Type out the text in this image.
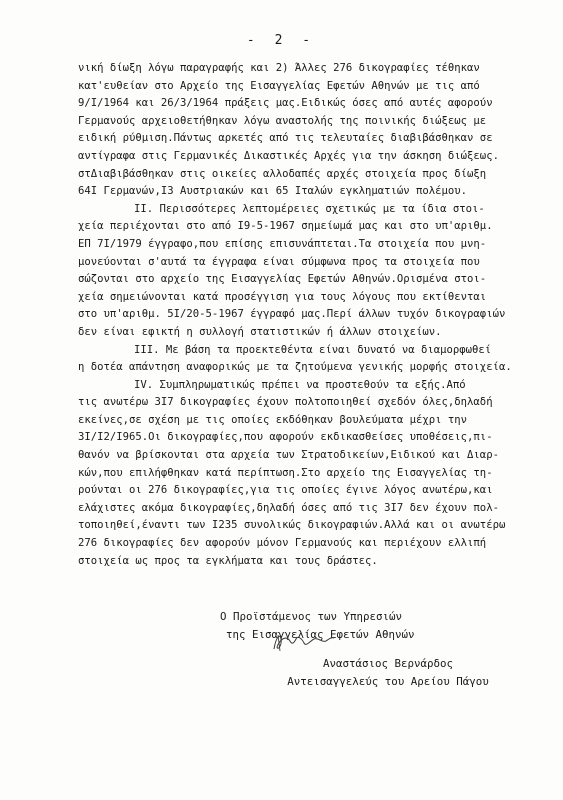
- 2 -
νική δίωξη λόγω παραγραφής και 2) Άλλες 276 δικογραφίες τέθηκαν
κατ'ευθείαν στο Αρχείο της Εισαγγελίας Εφετών Αθηνών με τις από
9/I/1964 και 26/3/1964 πράξεις μας.Ειδικώς όσες από αυτές αφορούν
Γερμανούς αρχειοθετήθηκαν λόγω αναστολής της ποινικής διώξεως με
ειδική ρύθμιση.Πάντως αρκετές από τις τελευταίες διαβιβάσθηκαν σε
αντίγραφα στις Γερμανικές Δικαστικές Αρχές για την άσκηση διώξεως.
στΔιαβιβάσθηκαν στις οικείες αλλοδαπές αρχές στοιχεία προς δίωξη
64Ι Γερμανών,Ι3 Αυστριακών και 65 Ιταλών εγκληματιών πολέμου.
II. Περισσότερες λεπτομέρειες σχετικώς με τα ίδια στοι-
χεία περιέχονται στο από I9-5-1967 σημείωμά μας και στο υπ'αριθμ.
ΕΠ 7Ι/1979 έγγραφο,που επίσης επισυνάπτεται.Τα στοιχεία που μνη-
μονεύονται σ'αυτά τα έγγραφα είναι σύμφωνα προς τα στοιχεία που
σώζονται στο αρχείο της Εισαγγελίας Εφετών Αθηνών.Ορισμένα στοι-
χεία σημειώνονται κατά προσέγγιση για τους λόγους που εκτίθενται
στο υπ'αριθμ. 5Ι/20-5-1967 έγγραφό μας.Περί άλλων τυχόν δικογραφιών
δεν είναι εφικτή η συλλογή στατιστικών ή άλλων στοιχείων.
III. Με βάση τα προεκτεθέντα είναι δυνατό να διαμορφωθεί
η δοτέα απάντηση αναφορικώς με τα ζητούμενα γενικής μορφής στοιχεία.
IV. Συμπληρωματικώς πρέπει να προστεθούν τα εξής.Από
τις ανωτέρω 3Ι7 δικογραφίες έχουν πολτοποιηθεί σχεδόν όλες,δηλαδή
εκείνες,σε σχέση με τις οποίες εκδόθηκαν βουλεύματα μέχρι την
3Ι/I2/I965.Οι δικογραφίες,που αφορούν εκδικασθείσες υποθέσεις,πι-
θανόν να βρίσκονται στα αρχεία των Στρατοδικείων,Ειδικού και Διαρ-
κών,που επιλήφθηκαν κατά περίπτωση.Στο αρχείο της Εισαγγελίας τη-
ρούνται οι 276 δικογραφίες,για τις οποίες έγινε λόγος ανωτέρω,και
ελάχιστες ακόμα δικογραφίες,δηλαδή όσες από τις 3Ι7 δεν έχουν πολ-
τοποιηθεί,έναντι των Ι235 συνολικώς δικογραφιών.Αλλά και οι ανωτέρω
276 δικογραφίες δεν αφορούν μόνον Γερμανούς και περιέχουν ελλιπή
στοιχεία ως προς τα εγκλήματα και τους δράστες.
Ο Προϊστάμενος των Υπηρεσιών
της Εισαγγελίας Εφετών Αθηνών
Αναστάσιος Βερνάρδος
Αντεισαγγελεύς του Αρείου Πάγου
